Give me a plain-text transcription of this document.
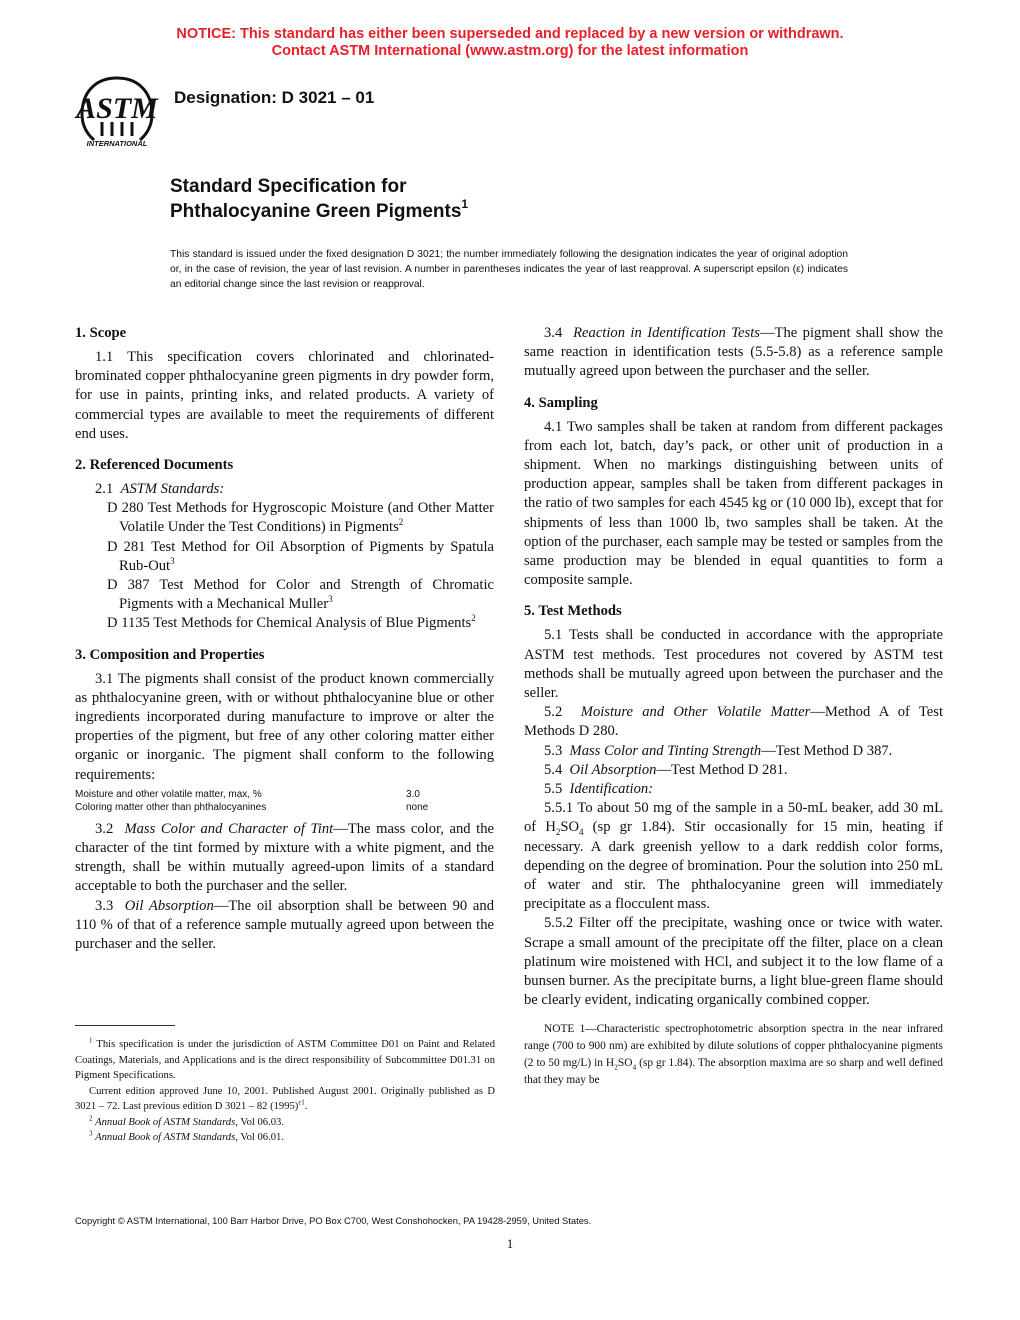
NOTICE: This standard has either been superseded and replaced by a new version or withdrawn.
Contact ASTM International (www.astm.org) for the latest information
ASTM
INTERNATIONAL
Designation: D 3021 – 01
Standard Specification for
Phthalocyanine Green Pigments$^1$
This standard is issued under the fixed designation D 3021; the number immediately following the designation indicates the year of original adoption or, in the case of revision, the year of last revision. A number in parentheses indicates the year of last reapproval. A superscript epsilon (ε) indicates an editorial change since the last revision or reapproval.
1. Scope

1.1 This specification covers chlorinated and chlorinated-brominated copper phthalocyanine green pigments in dry powder form, for use in paints, printing inks, and related products. A variety of commercial types are available to meet the requirements of different end uses.

2. Referenced Documents

2.1 ASTM Standards:

D 280 Test Methods for Hygroscopic Moisture (and Other Matter Volatile Under the Test Conditions) in Pigments$^2$

D 281 Test Method for Oil Absorption of Pigments by Spatula Rub-Out$^3$

D 387 Test Method for Color and Strength of Chromatic Pigments with a Mechanical Muller$^3$

D 1135 Test Methods for Chemical Analysis of Blue Pigments$^2$

3. Composition and Properties

3.1 The pigments shall consist of the product known commercially as phthalocyanine green, with or without phthalocyanine blue or other ingredients incorporated during manufacture to improve or alter the properties of the pigment, but free of any other coloring matter either organic or inorganic. The pigment shall conform to the following requirements:

Moisture and other volatile matter, max, %	3.0
Coloring matter other than phthalocyanines	none

3.2 Mass Color and Character of Tint—The mass color, and the character of the tint formed by mixture with a white pigment, and the strength, shall be within mutually agreed-upon limits of a standard acceptable to both the purchaser and the seller.

3.3 Oil Absorption—The oil absorption shall be between 90 and 110 % of that of a reference sample mutually agreed upon between the purchaser and the seller.

3.4 Reaction in Identification Tests—The pigment shall show the same reaction in identification tests (5.5-5.8) as a reference sample mutually agreed upon between the purchaser and the seller.

4. Sampling

4.1 Two samples shall be taken at random from different packages from each lot, batch, day’s pack, or other unit of production in a shipment. When no markings distinguishing between units of production appear, samples shall be taken from different packages in the ratio of two samples for each 4545 kg or (10 000 lb), except that for shipments of less than 1000 lb, two samples shall be taken. At the option of the purchaser, each sample may be tested or samples from the same production may be blended in equal quantities to form a composite sample.

5. Test Methods

5.1 Tests shall be conducted in accordance with the appropriate ASTM test methods. Test procedures not covered by ASTM test methods shall be mutually agreed upon between the purchaser and the seller.

5.2 Moisture and Other Volatile Matter—Method A of Test Methods D 280.

5.3 Mass Color and Tinting Strength—Test Method D 387.

5.4 Oil Absorption—Test Method D 281.

5.5 Identification:

5.5.1 To about 50 mg of the sample in a 50-mL beaker, add 30 mL of $H_2SO_4$ (sp gr 1.84). Stir occasionally for 15 min, heating if necessary. A dark greenish yellow to a dark reddish color forms, depending on the degree of bromination. Pour the solution into 250 mL of water and stir. The phthalocyanine green will immediately precipitate as a flocculent mass.

5.5.2 Filter off the precipitate, washing once or twice with water. Scrape a small amount of the precipitate off the filter, place on a clean platinum wire moistened with HCl, and subject it to the low flame of a bunsen burner. As the precipitate burns, a light blue-green flame should be clearly evident, indicating organically combined copper.

NOTE 1—Characteristic spectrophotometric absorption spectra in the near infrared range (700 to 900 nm) are exhibited by dilute solutions of copper phthalocyanine pigments (2 to 50 mg/L) in $H_2SO_4$ (sp gr 1.84). The absorption maxima are so sharp and well defined that they may be

$^1$ This specification is under the jurisdiction of ASTM Committee D01 on Paint and Related Coatings, Materials, and Applications and is the direct responsibility of Subcommittee D01.31 on Pigment Specifications.

Current edition approved June 10, 2001. Published August 2001. Originally published as D 3021 – 72. Last previous edition D 3021 – 82 $(1995)^{\varepsilon 1}$.

$^2$ Annual Book of ASTM Standards, Vol 06.03.

$^3$ Annual Book of ASTM Standards, Vol 06.01.

Copyright © ASTM International, 100 Barr Harbor Drive, PO Box C700, West Conshohocken, PA 19428-2959, United States.
1
